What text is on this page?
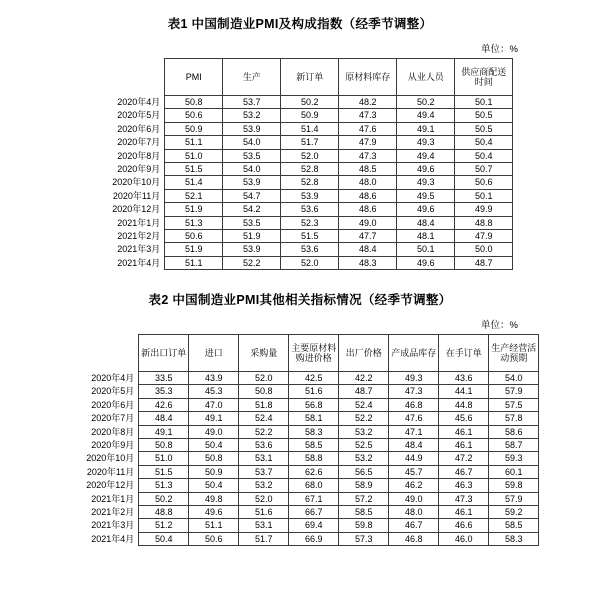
表1 中国制造业PMI及构成指数（经季节调整）
单位：%
	PMI	生产	新订单	原材料库存	从业人员	供应商配送时间
2020年4月	50.8	53.7	50.2	48.2	50.2	50.1
2020年5月	50.6	53.2	50.9	47.3	49.4	50.5
2020年6月	50.9	53.9	51.4	47.6	49.1	50.5
2020年7月	51.1	54.0	51.7	47.9	49.3	50.4
2020年8月	51.0	53.5	52.0	47.3	49.4	50.4
2020年9月	51.5	54.0	52.8	48.5	49.6	50.7
2020年10月	51.4	53.9	52.8	48.0	49.3	50.6
2020年11月	52.1	54.7	53.9	48.6	49.5	50.1
2020年12月	51.9	54.2	53.6	48.6	49.6	49.9
2021年1月	51.3	53.5	52.3	49.0	48.4	48.8
2021年2月	50.6	51.9	51.5	47.7	48.1	47.9
2021年3月	51.9	53.9	53.6	48.4	50.1	50.0
2021年4月	51.1	52.2	52.0	48.3	49.6	48.7
表2 中国制造业PMI其他相关指标情况（经季节调整）
单位：%
	新出口订单	进口	采购量	主要原材料购进价格	出厂价格	产成品库存	在手订单	生产经营活动预期
2020年4月	33.5	43.9	52.0	42.5	42.2	49.3	43.6	54.0
2020年5月	35.3	45.3	50.8	51.6	48.7	47.3	44.1	57.9
2020年6月	42.6	47.0	51.8	56.8	52.4	46.8	44.8	57.5
2020年7月	48.4	49.1	52.4	58.1	52.2	47.6	45.6	57.8
2020年8月	49.1	49.0	52.2	58.3	53.2	47.1	46.1	58.6
2020年9月	50.8	50.4	53.6	58.5	52.5	48.4	46.1	58.7
2020年10月	51.0	50.8	53.1	58.8	53.2	44.9	47.2	59.3
2020年11月	51.5	50.9	53.7	62.6	56.5	45.7	46.7	60.1
2020年12月	51.3	50.4	53.2	68.0	58.9	46.2	46.3	59.8
2021年1月	50.2	49.8	52.0	67.1	57.2	49.0	47.3	57.9
2021年2月	48.8	49.6	51.6	66.7	58.5	48.0	46.1	59.2
2021年3月	51.2	51.1	53.1	69.4	59.8	46.7	46.6	58.5
2021年4月	50.4	50.6	51.7	66.9	57.3	46.8	46.0	58.3
